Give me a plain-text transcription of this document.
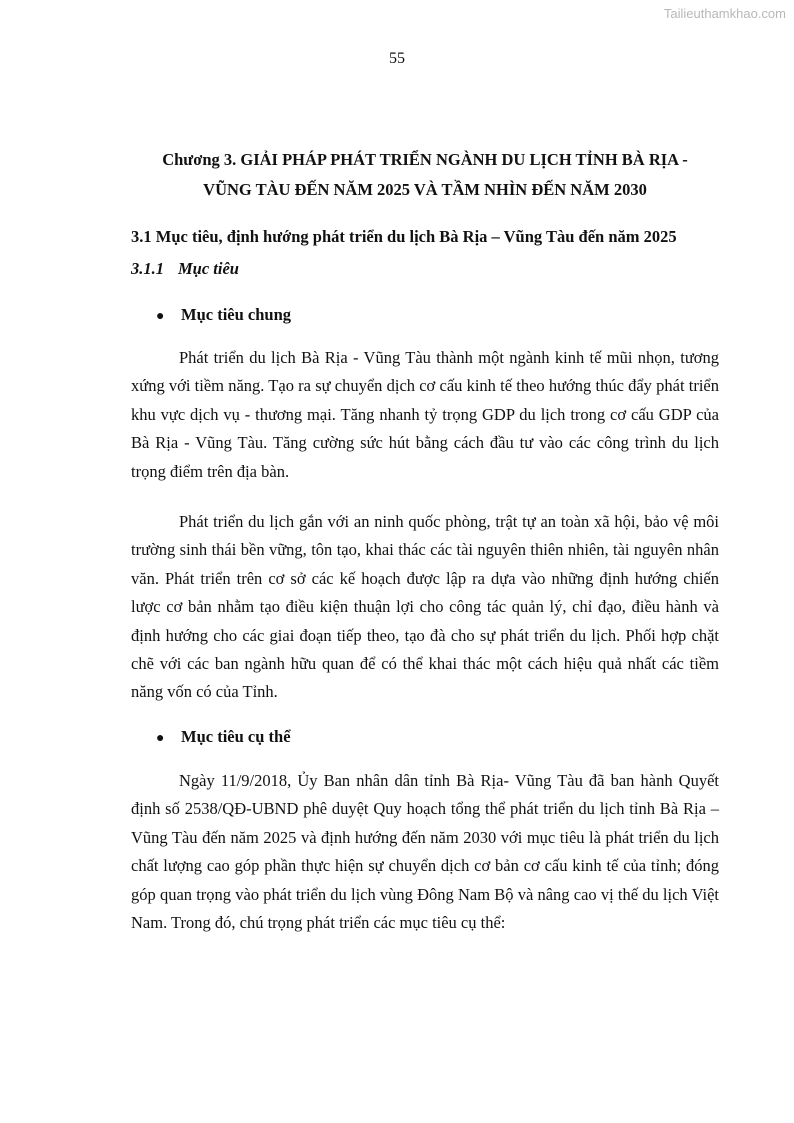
Tailieuthamkhao.com
55
Chương 3. GIẢI PHÁP PHÁT TRIỂN NGÀNH DU LỊCH TỈNH BÀ RỊA -
VŨNG TÀU ĐẾN NĂM 2025 VÀ TẦM NHÌN ĐẾN NĂM 2030
3.1 Mục tiêu, định hướng phát triển du lịch Bà Rịa – Vũng Tàu đến năm 2025
3.1.1 Mục tiêu
● Mục tiêu chung
Phát triển du lịch Bà Rịa - Vũng Tàu thành một ngành kinh tế mũi nhọn, tương xứng với tiềm năng. Tạo ra sự chuyển dịch cơ cấu kinh tế theo hướng thúc đẩy phát triển khu vực dịch vụ - thương mại. Tăng nhanh tỷ trọng GDP du lịch trong cơ cấu GDP của Bà Rịa - Vũng Tàu. Tăng cường sức hút bằng cách đầu tư vào các công trình du lịch trọng điểm trên địa bàn.
Phát triển du lịch gắn với an ninh quốc phòng, trật tự an toàn xã hội, bảo vệ môi trường sinh thái bền vững, tôn tạo, khai thác các tài nguyên thiên nhiên, tài nguyên nhân văn. Phát triển trên cơ sở các kế hoạch được lập ra dựa vào những định hướng chiến lược cơ bản nhằm tạo điều kiện thuận lợi cho công tác quản lý, chỉ đạo, điều hành và định hướng cho các giai đoạn tiếp theo, tạo đà cho sự phát triển du lịch. Phối hợp chặt chẽ với các ban ngành hữu quan để có thể khai thác một cách hiệu quả nhất các tiềm năng vốn có của Tỉnh.
● Mục tiêu cụ thể
Ngày 11/9/2018, Ủy Ban nhân dân tỉnh Bà Rịa- Vũng Tàu đã ban hành Quyết định số 2538/QĐ-UBND phê duyệt Quy hoạch tổng thể phát triển du lịch tỉnh Bà Rịa – Vũng Tàu đến năm 2025 và định hướng đến năm 2030 với mục tiêu là phát triển du lịch chất lượng cao góp phần thực hiện sự chuyển dịch cơ bản cơ cấu kinh tế của tỉnh; đóng góp quan trọng vào phát triển du lịch vùng Đông Nam Bộ và nâng cao vị thế du lịch Việt Nam. Trong đó, chú trọng phát triển các mục tiêu cụ thể:
